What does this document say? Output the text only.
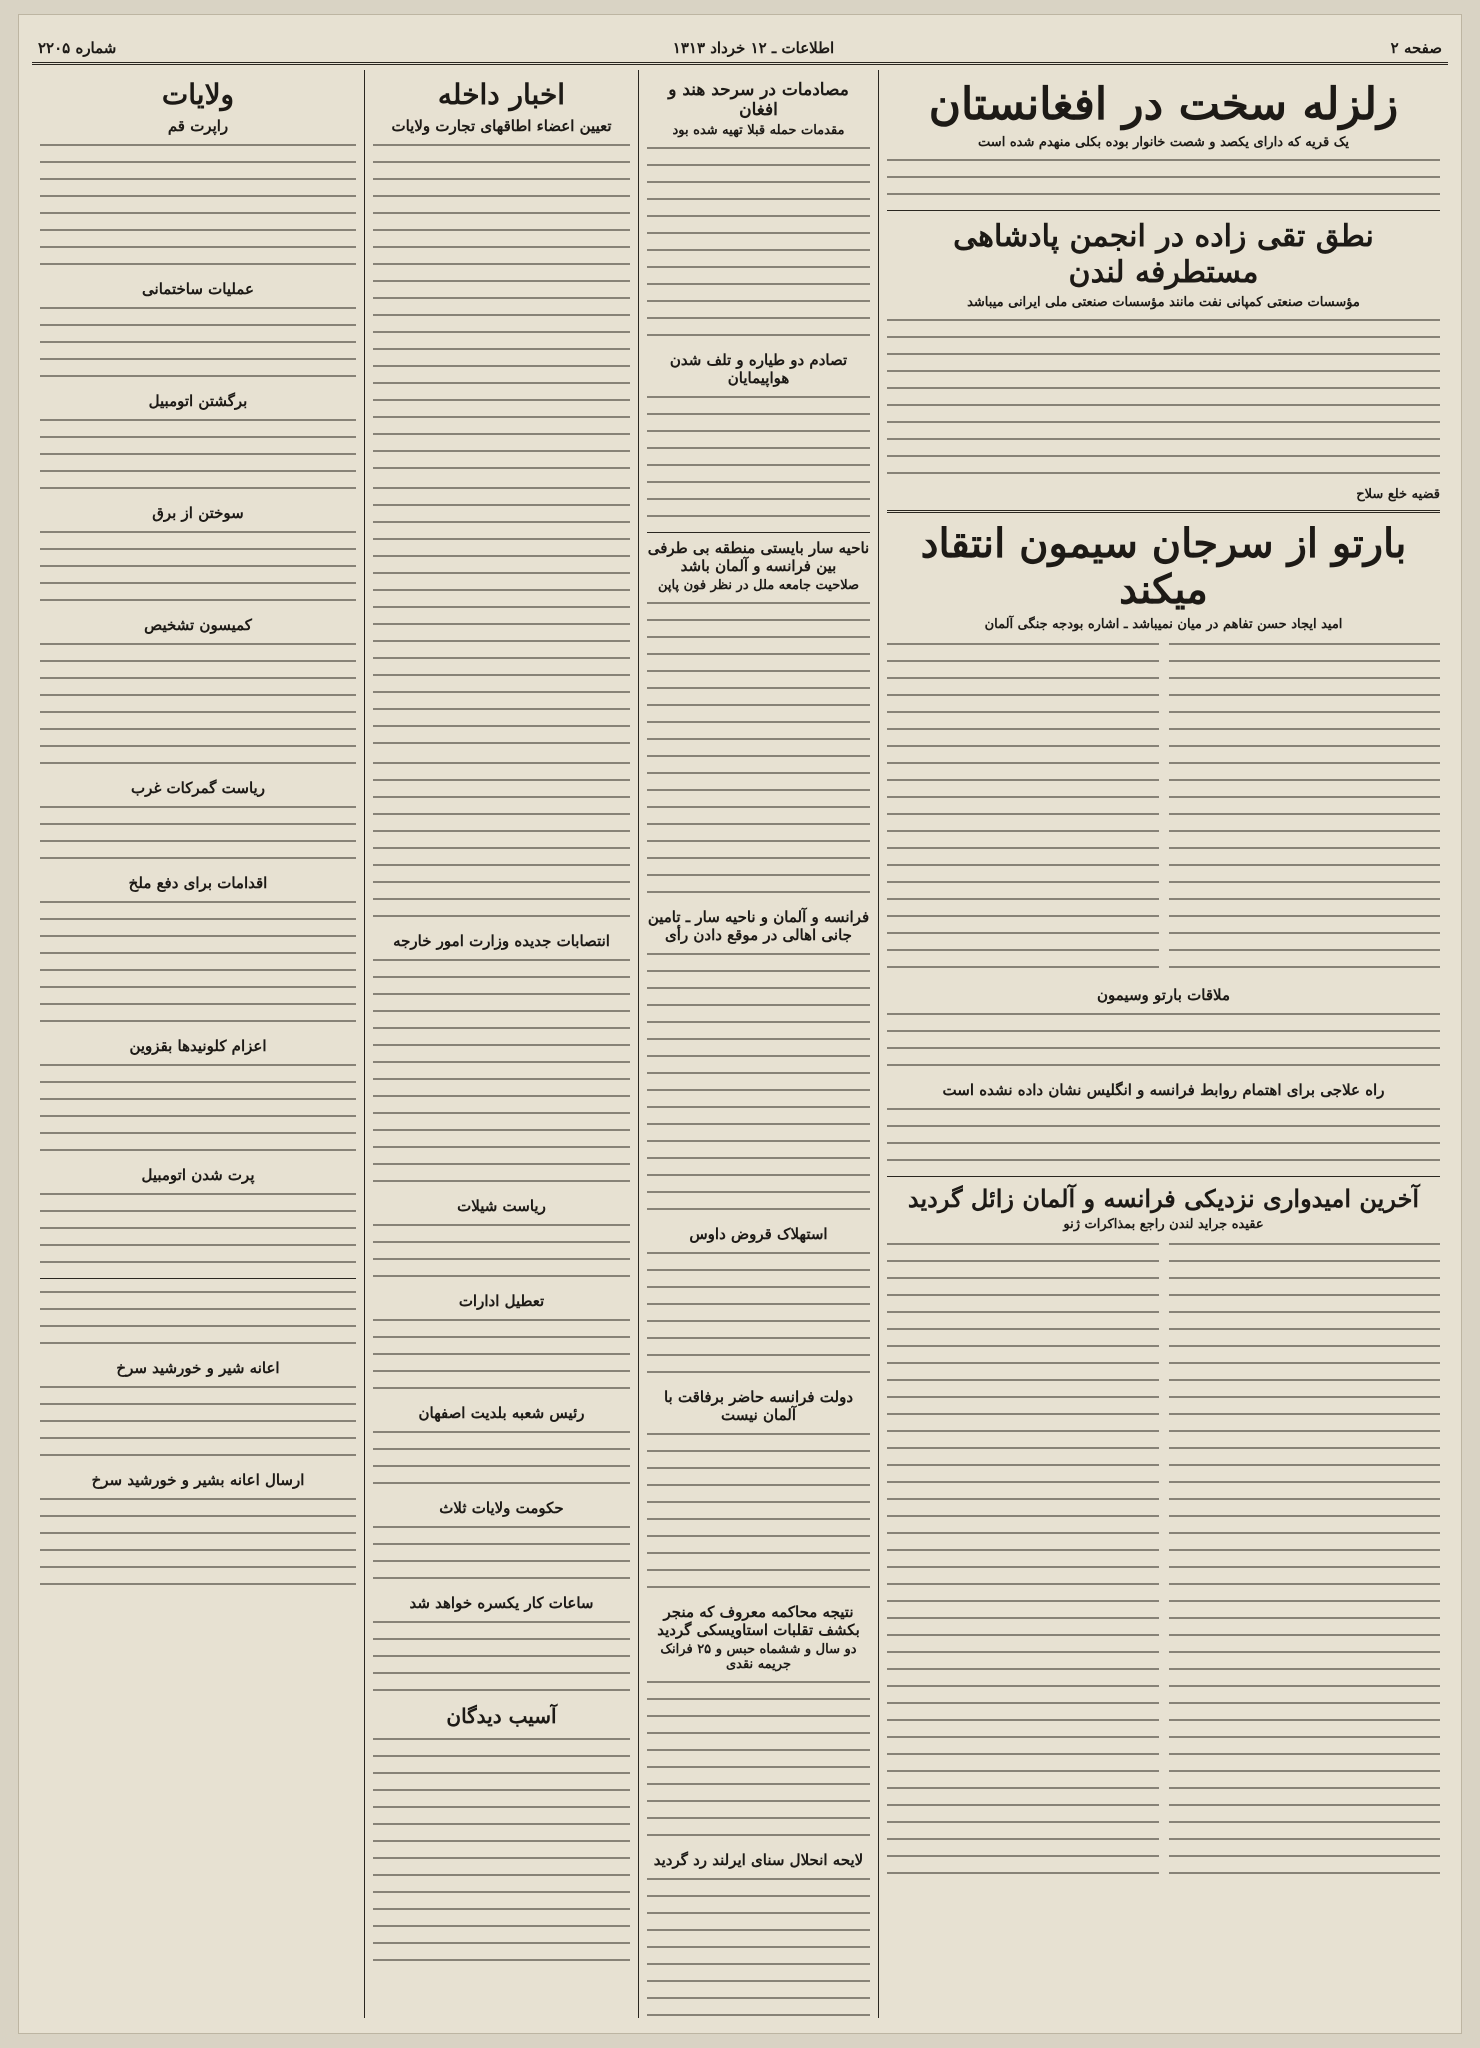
صفحه ۲
اطلاعات ـ ۱۲ خرداد ۱۳۱۳
شماره ۲۲۰۵
زلزله سخت در افغانستان
یک قریه که دارای یکصد و شصت خانوار بوده بکلی منهدم شده است
نطق تقی زاده در انجمن پادشاهی مستطرفه لندن
مؤسسات صنعتی کمپانی نفت مانند مؤسسات صنعتی ملی ایرانی میباشد
قضیه خلع سلاح
بارتو از سرجان سیمون انتقاد میکند
امید ایجاد حسن تفاهم در میان نمیباشد ـ اشاره بودجه جنگی آلمان
ملاقات بارتو وسیمون
راه علاجی برای اهتمام روابط فرانسه و انگلیس نشان داده نشده است
آخرین امیدواری نزدیکی فرانسه و آلمان زائل گردید
عقیده جراید لندن راجع بمذاکرات ژنو
مصادمات در سرحد هند و افغان
مقدمات حمله قبلا تهیه شده بود
تصادم دو طیاره و تلف شدن هواپیمایان
ناحیه سار بایستی منطقه بی طرفی بین فرانسه و آلمان باشد
صلاحیت جامعه ملل در نظر فون پاپن
فرانسه و آلمان و ناحیه سار ـ تامین جانی اهالی در موقع دادن رأی
استهلاک قروض داوس
دولت فرانسه حاضر برفاقت با آلمان نیست
نتیجه محاکمه معروف که منجر بکشف تقلبات استاویسکی گردید
دو سال و ششماه حبس و ۲۵ فرانک جریمه نقدی
لایحه انحلال سنای ایرلند رد گردید
اخبار داخله
تعیین اعضاء اطاقهای تجارت ولایات
انتصابات جدیده وزارت امور خارجه
ریاست شیلات
تعطیل ادارات
رئیس شعبه بلدیت اصفهان
حکومت ولایات ثلاث
ساعات کار یکسره خواهد شد
آسیب دیدگان
ولایات
راپرت قم
عملیات ساختمانی
برگشتن اتومبیل
سوختن از برق
کمیسون تشخیص
ریاست گمرکات غرب
اقدامات برای دفع ملخ
اعزام کلونیدها بقزوین
پرت شدن اتومبیل
اعانه شیر و خورشید سرخ
ارسال اعانه بشیر و خورشید سرخ
